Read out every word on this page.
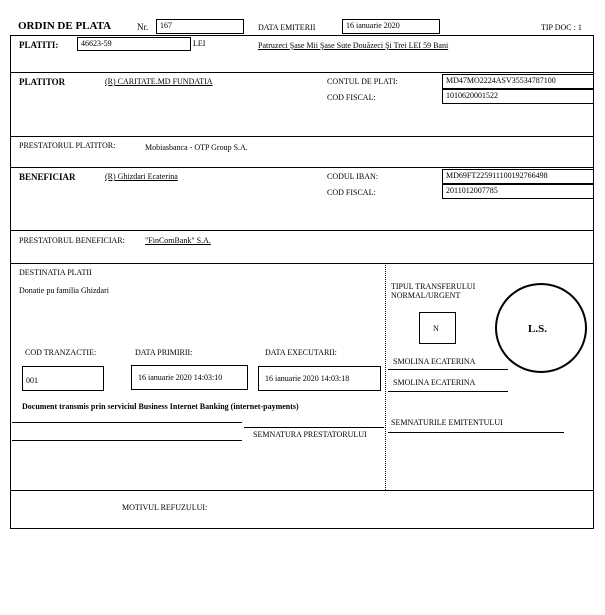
ORDIN DE PLATA	Nr.	167	DATA EMITERII	16 ianuarie 2020	TIP DOC : 1
PLATITI:	46623-59	LEI	Patruzeci Şase Mii Şase Sute Douăzeci Şi Trei LEI 59 Bani
PLATITOR	(R) CARITATE.MD FUNDATIA	CONTUL DE PLATI:	MD47MO2224ASV35534787100
COD FISCAL:	1010620001522
PRESTATORUL PLATITOR:	Mobiasbanca - OTP Group S.A.
BENEFICIAR	(R) Ghizdari Ecaterina	CODUL IBAN:	MD69FT225911100192766498
COD FISCAL:	2011012007785
PRESTATORUL BENEFICIAR:	"FinComBank" S.A.
DESTINATIA PLATII
Donatie pu familia Ghizdari	TIPUL TRANSFERULUI
NORMAL/URGENT
N	L.S.
COD TRANZACTIE:
001
DATA PRIMIRII:
16 ianuarie 2020 14:03:10
DATA EXECUTARII:
16 ianuarie 2020 14:03:18
SMOLINA ECATERINA
SMOLINA ECATERINA
Document transmis prin serviciul Business Internet Banking (internet-payments)
SEMNATURA PRESTATORULUI
SEMNATURILE EMITENTULUI
MOTIVUL REFUZULUI:
